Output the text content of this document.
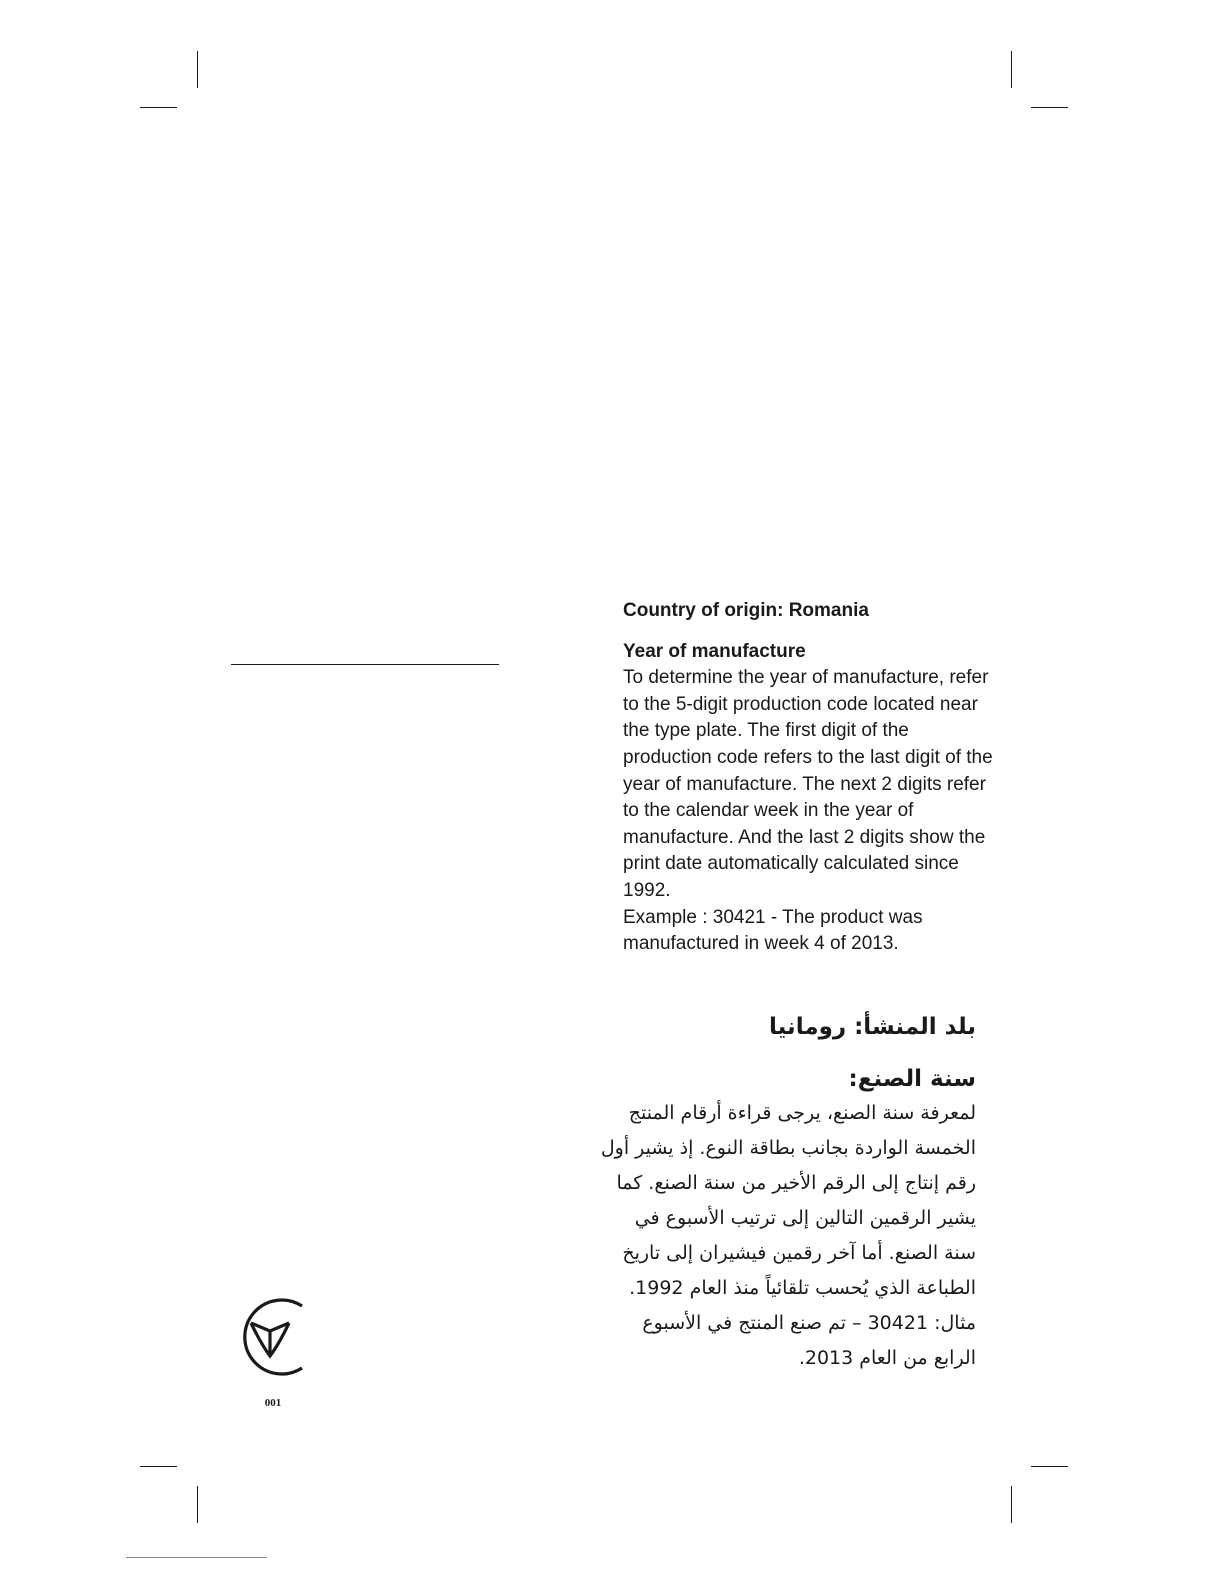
Country of origin: Romania
Year of manufacture

To determine the year of manufacture, refer to the 5-digit production code located near the type plate. The first digit of the production code refers to the last digit of the year of manufacture. The next 2 digits refer to the calendar week in the year of manufacture. And the last 2 digits show the print date automatically calculated since 1992.

Example : 30421 - The product was manufactured in week 4 of 2013.

بلد المنشأ: رومانيا
سنة الصنع:

لمعرفة سنة الصنع، يرجى قراءة أرقام المنتج الخمسة الواردة بجانب بطاقة النوع. إذ يشير أول رقم إنتاج إلى الرقم الأخير من سنة الصنع. كما يشير الرقمين التالين إلى ترتيب الأسبوع في سنة الصنع. أما آخر رقمين فيشيران إلى تاريخ الطباعة الذي يُحسب تلقائياً منذ العام 1992. مثال: 30421 – تم صنع المنتج في الأسبوع الرابع من العام 2013.

001
